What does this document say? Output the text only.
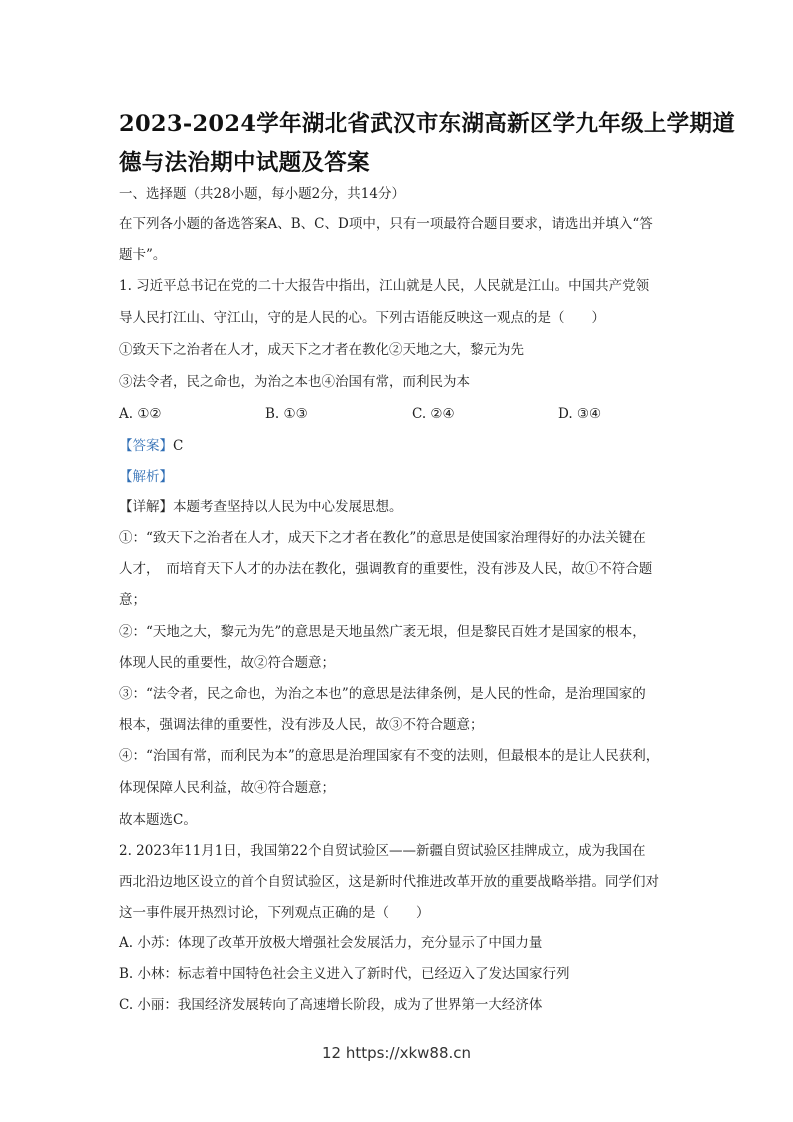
2023-2024学年湖北省武汉市东湖高新区学九年级上学期道
德与法治期中试题及答案
一、选择题（共28小题，每小题2分，共14分）
在下列各小题的备选答案A、B、C、D项中，只有一项最符合题目要求，请选出并填入“答
题卡”。
1. 习近平总书记在党的二十大报告中指出，江山就是人民，人民就是江山。中国共产党领
导人民打江山、守江山，守的是人民的心。下列古语能反映这一观点的是（　　）
①致天下之治者在人才，成天下之才者在教化②天地之大，黎元为先
③法令者，民之命也，为治之本也④治国有常，而利民为本
A. ①②	B. ①③	C. ②④	D. ③④
【答案】C
【解析】
【详解】本题考查坚持以人民为中心发展思想。
①：“致天下之治者在人才，成天下之才者在教化”的意思是使国家治理得好的办法关键在
人才，　而培育天下人才的办法在教化，强调教育的重要性，没有涉及人民，故①不符合题
意；
②：“天地之大，黎元为先”的意思是天地虽然广袤无垠，但是黎民百姓才是国家的根本，
体现人民的重要性，故②符合题意；
③：“法令者，民之命也，为治之本也”的意思是法律条例，是人民的性命，是治理国家的
根本，强调法律的重要性，没有涉及人民，故③不符合题意；
④：“治国有常，而利民为本”的意思是治理国家有不变的法则，但最根本的是让人民获利，
体现保障人民利益，故④符合题意；
故本题选C。
2. 2023年11月1日，我国第22个自贸试验区——新疆自贸试验区挂牌成立，成为我国在
西北沿边地区设立的首个自贸试验区，这是新时代推进改革开放的重要战略举措。同学们对
这一事件展开热烈讨论，下列观点正确的是（　　）
A. 小苏：体现了改革开放极大增强社会发展活力，充分显示了中国力量
B. 小林：标志着中国特色社会主义进入了新时代，已经迈入了发达国家行列
C. 小丽：我国经济发展转向了高速增长阶段，成为了世界第一大经济体
12 https://xkw88.cn
